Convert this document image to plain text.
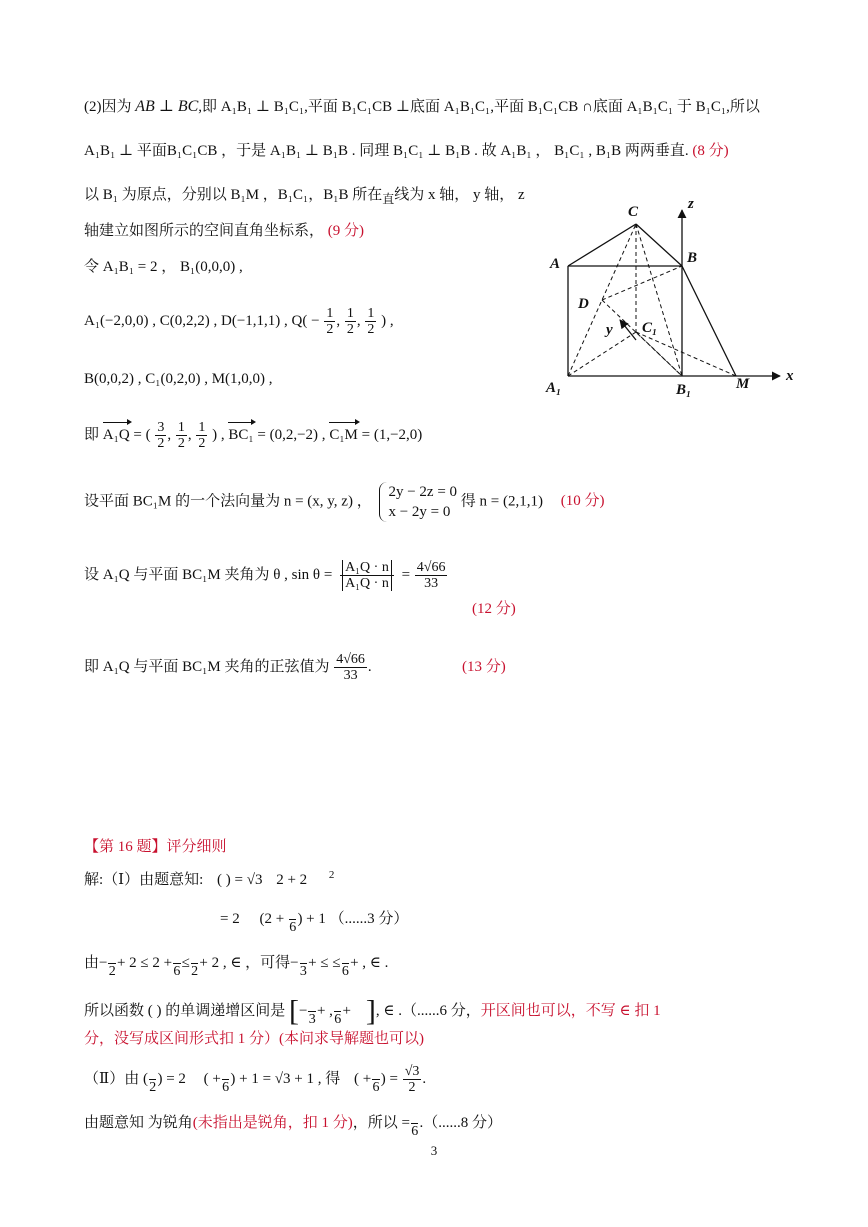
(2)因为 AB ⊥ BC,即 A₁B₁ ⊥ B₁C₁,平面 B₁C₁CB ⊥底面 A₁B₁C₁,平面 B₁C₁CB ∩底面 A₁B₁C₁ 于 B₁C₁,所以
A₁B₁ ⊥ 平面B₁C₁CB ，于是 A₁B₁ ⊥ B₁B . 同理 B₁C₁ ⊥ B₁B . 故 A₁B₁ ， B₁C₁ , B₁B 两两垂直. (8 分)
以 B₁ 为原点，分别以 B₁M ，B₁C₁，B₁B 所在$_直$线为 x 轴， y 轴， z
轴建立如图所示的空间直角坐标系， (9 分)
令 A₁B₁ = 2 ， B₁(0,0,0) ,
A₁(−2,0,0) , C(0,2,2) , D(−1,1,1) , $Q( - \frac{1}{2}$ , $\frac{1}{2}$ , $\frac{1}{2}$ ) ,
B(0,0,2) , C₁(0,2,0) , M(1,0,0) ,
即 A₁Q = ( $\frac{3}{2}$ , $\frac{1}{2}$ , $\frac{1}{2}$ ) , BC₁ = (0,2,−2) , C₁M = (1,−2,0)
设平面 BC₁M 的一个法向量为 n = (x, y, z) ，
2y − 2z = 0
x − 2y = 0
得 n = (2,1,1) (10 分)
设 A₁Q 与平面 BC₁M 夹角为 θ , $\sin \theta = \frac{\text{A₁Q · n}}{\text{A₁Q · n}} = \frac{4√66}{33}$
(12 分)
即 A₁Q 与平面 BC₁M 夹角的正弦值为 $\frac{4√66}{33}$ .	(13 分)
z
C
A	B
D
y C₁
A₁	B₁	M x
【第 16 题】评分细则
解:（Ⅰ）由题意知: ( ) = √3 2 + 2 $^2$
= 2 (2 +

6
) + 1 （......3 分）
由−

2
+ 2 ≤ 2 +

6
≤

2
+ 2 , ∈ ，可得−

3
+ ≤ ≤

6
+ , ∈ .
所以函数 ( ) 的单调递增区间是 [−

3
+ ,

6
+ ], ∈ .（......6 分，开区间也可以，不写 ∈ 扣 1
分，没写成区间形式扣 1 分）(本问求导解题也可以)
（Ⅱ）由 (

2
) = 2 ( +

6
) + 1 = √3 + 1 , 得 ( +

6
) = $\frac{√3}{2}$ .
由题意知 为锐角(未指出是锐角，扣 1 分)，所以 =

6
.（......8 分）
3
